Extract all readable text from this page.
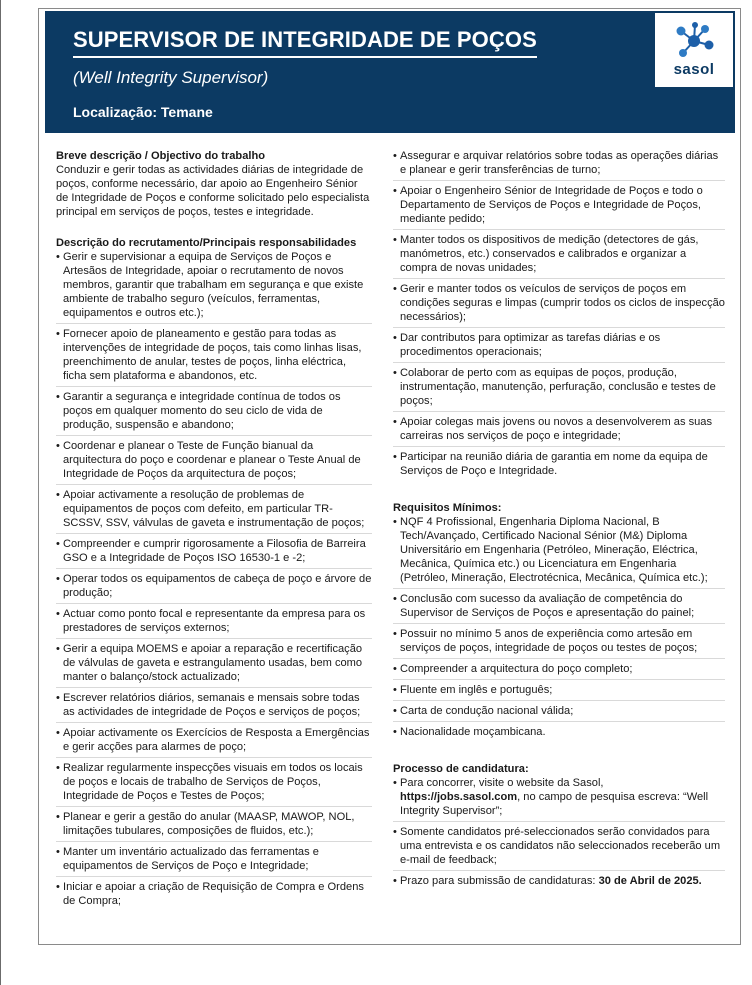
SUPERVISOR DE INTEGRIDADE DE POÇOS
(Well Integrity Supervisor)
Localização: Temane
sasol

Breve descrição / Objectivo do trabalho

Conduzir e gerir todas as actividades diárias de integridade de poços, conforme necessário, dar apoio ao Engenheiro Sénior de Integridade de Poços e conforme solicitado pelo especialista principal em serviços de poços, testes e integridade.

Descrição do recrutamento/Principais responsabilidades

• Gerir e supervisionar a equipa de Serviços de Poços e Artesãos de Integridade, apoiar o recrutamento de novos membros, garantir que trabalham em segurança e que existe ambiente de trabalho seguro (veículos, ferramentas, equipamentos e outros etc.);
• Fornecer apoio de planeamento e gestão para todas as intervenções de integridade de poços, tais como linhas lisas, preenchimento de anular, testes de poços, linha eléctrica, ficha sem plataforma e abandonos, etc.
• Garantir a segurança e integridade contínua de todos os poços em qualquer momento do seu ciclo de vida de produção, suspensão e abandono;
• Coordenar e planear o Teste de Função bianual da arquitectura do poço e coordenar e planear o Teste Anual de Integridade de Poços da arquitectura de poços;
• Apoiar activamente a resolução de problemas de equipamentos de poços com defeito, em particular TR-SCSSV, SSV, válvulas de gaveta e instrumentação de poços;
• Compreender e cumprir rigorosamente a Filosofia de Barreira GSO e a Integridade de Poços ISO 16530-1 e -2;
• Operar todos os equipamentos de cabeça de poço e árvore de produção;
• Actuar como ponto focal e representante da empresa para os prestadores de serviços externos;
• Gerir a equipa MOEMS e apoiar a reparação e recertificação de válvulas de gaveta e estrangulamento usadas, bem como manter o balanço/stock actualizado;
• Escrever relatórios diários, semanais e mensais sobre todas as actividades de integridade de Poços e serviços de poços;
• Apoiar activamente os Exercícios de Resposta a Emergências e gerir acções para alarmes de poço;
• Realizar regularmente inspecções visuais em todos os locais de poços e locais de trabalho de Serviços de Poços, Integridade de Poços e Testes de Poços;
• Planear e gerir a gestão do anular (MAASP, MAWOP, NOL, limitações tubulares, composições de fluidos, etc.);
• Manter um inventário actualizado das ferramentas e equipamentos de Serviços de Poço e Integridade;
• Iniciar e apoiar a criação de Requisição de Compra e Ordens de Compra;
• Assegurar e arquivar relatórios sobre todas as operações diárias e planear e gerir transferências de turno;
• Apoiar o Engenheiro Sénior de Integridade de Poços e todo o Departamento de Serviços de Poços e Integridade de Poços, mediante pedido;
• Manter todos os dispositivos de medição (detectores de gás, manómetros, etc.) conservados e calibrados e organizar a compra de novas unidades;
• Gerir e manter todos os veículos de serviços de poços em condições seguras e limpas (cumprir todos os ciclos de inspecção necessários);
• Dar contributos para optimizar as tarefas diárias e os procedimentos operacionais;
• Colaborar de perto com as equipas de poços, produção, instrumentação, manutenção, perfuração, conclusão e testes de poços;
• Apoiar colegas mais jovens ou novos a desenvolverem as suas carreiras nos serviços de poço e integridade;
• Participar na reunião diária de garantia em nome da equipa de Serviços de Poço e Integridade.

Requisitos Mínimos:

• NQF 4 Profissional, Engenharia Diploma Nacional, B Tech/Avançado, Certificado Nacional Sénior (M&) Diploma Universitário em Engenharia (Petróleo, Mineração, Eléctrica, Mecânica, Química etc.) ou Licenciatura em Engenharia (Petróleo, Mineração, Electrotécnica, Mecânica, Química etc.);
• Conclusão com sucesso da avaliação de competência do Supervisor de Serviços de Poços e apresentação do painel;
• Possuir no mínimo 5 anos de experiência como artesão em serviços de poços, integridade de poços ou testes de poços;
• Compreender a arquitectura do poço completo;
• Fluente em inglês e português;
• Carta de condução nacional válida;
• Nacionalidade moçambicana.

Processo de candidatura:

• Para concorrer, visite o website da Sasol,
https://jobs.sasol.com, no campo de pesquisa escreva: “Well Integrity Supervisor”;
• Somente candidatos pré-seleccionados serão convidados para uma entrevista e os candidatos não seleccionados receberão um e-mail de feedback;
• Prazo para submissão de candidaturas: 30 de Abril de 2025.
